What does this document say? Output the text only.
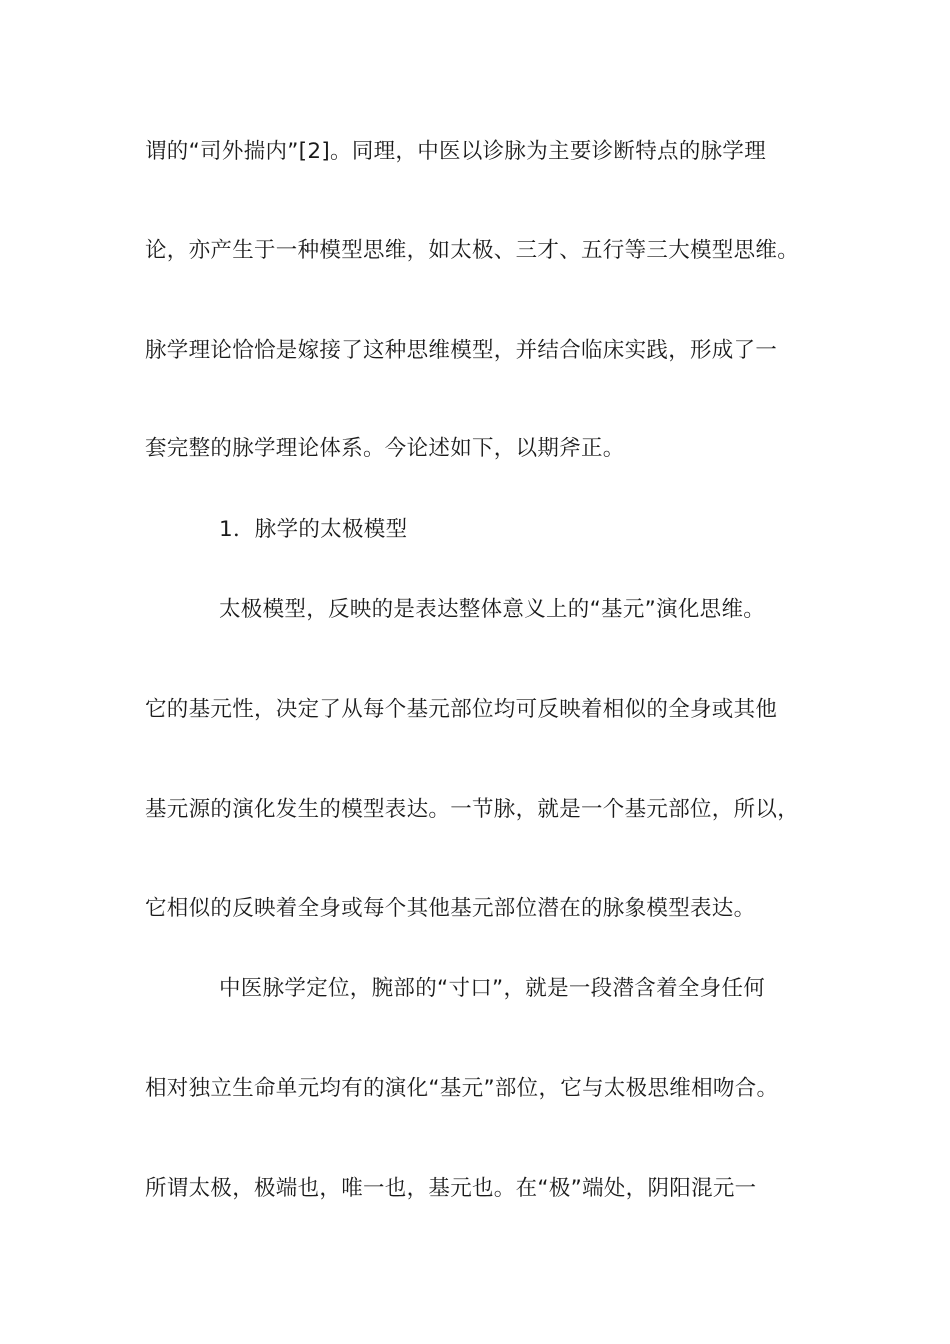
谓的“司外揣内”[2]。同理，中医以诊脉为主要诊断特点的脉学理
论，亦产生于一种模型思维，如太极、三才、五行等三大模型思维。
脉学理论恰恰是嫁接了这种思维模型，并结合临床实践，形成了一
套完整的脉学理论体系。今论述如下，以期斧正。
1．脉学的太极模型
太极模型，反映的是表达整体意义上的“基元”演化思维。
它的基元性，决定了从每个基元部位均可反映着相似的全身或其他
基元源的演化发生的模型表达。一节脉，就是一个基元部位，所以，
它相似的反映着全身或每个其他基元部位潜在的脉象模型表达。
中医脉学定位，腕部的“寸口”，就是一段潜含着全身任何
相对独立生命单元均有的演化“基元”部位，它与太极思维相吻合。
所谓太极，极端也，唯一也，基元也。在“极”端处，阴阳混元一
